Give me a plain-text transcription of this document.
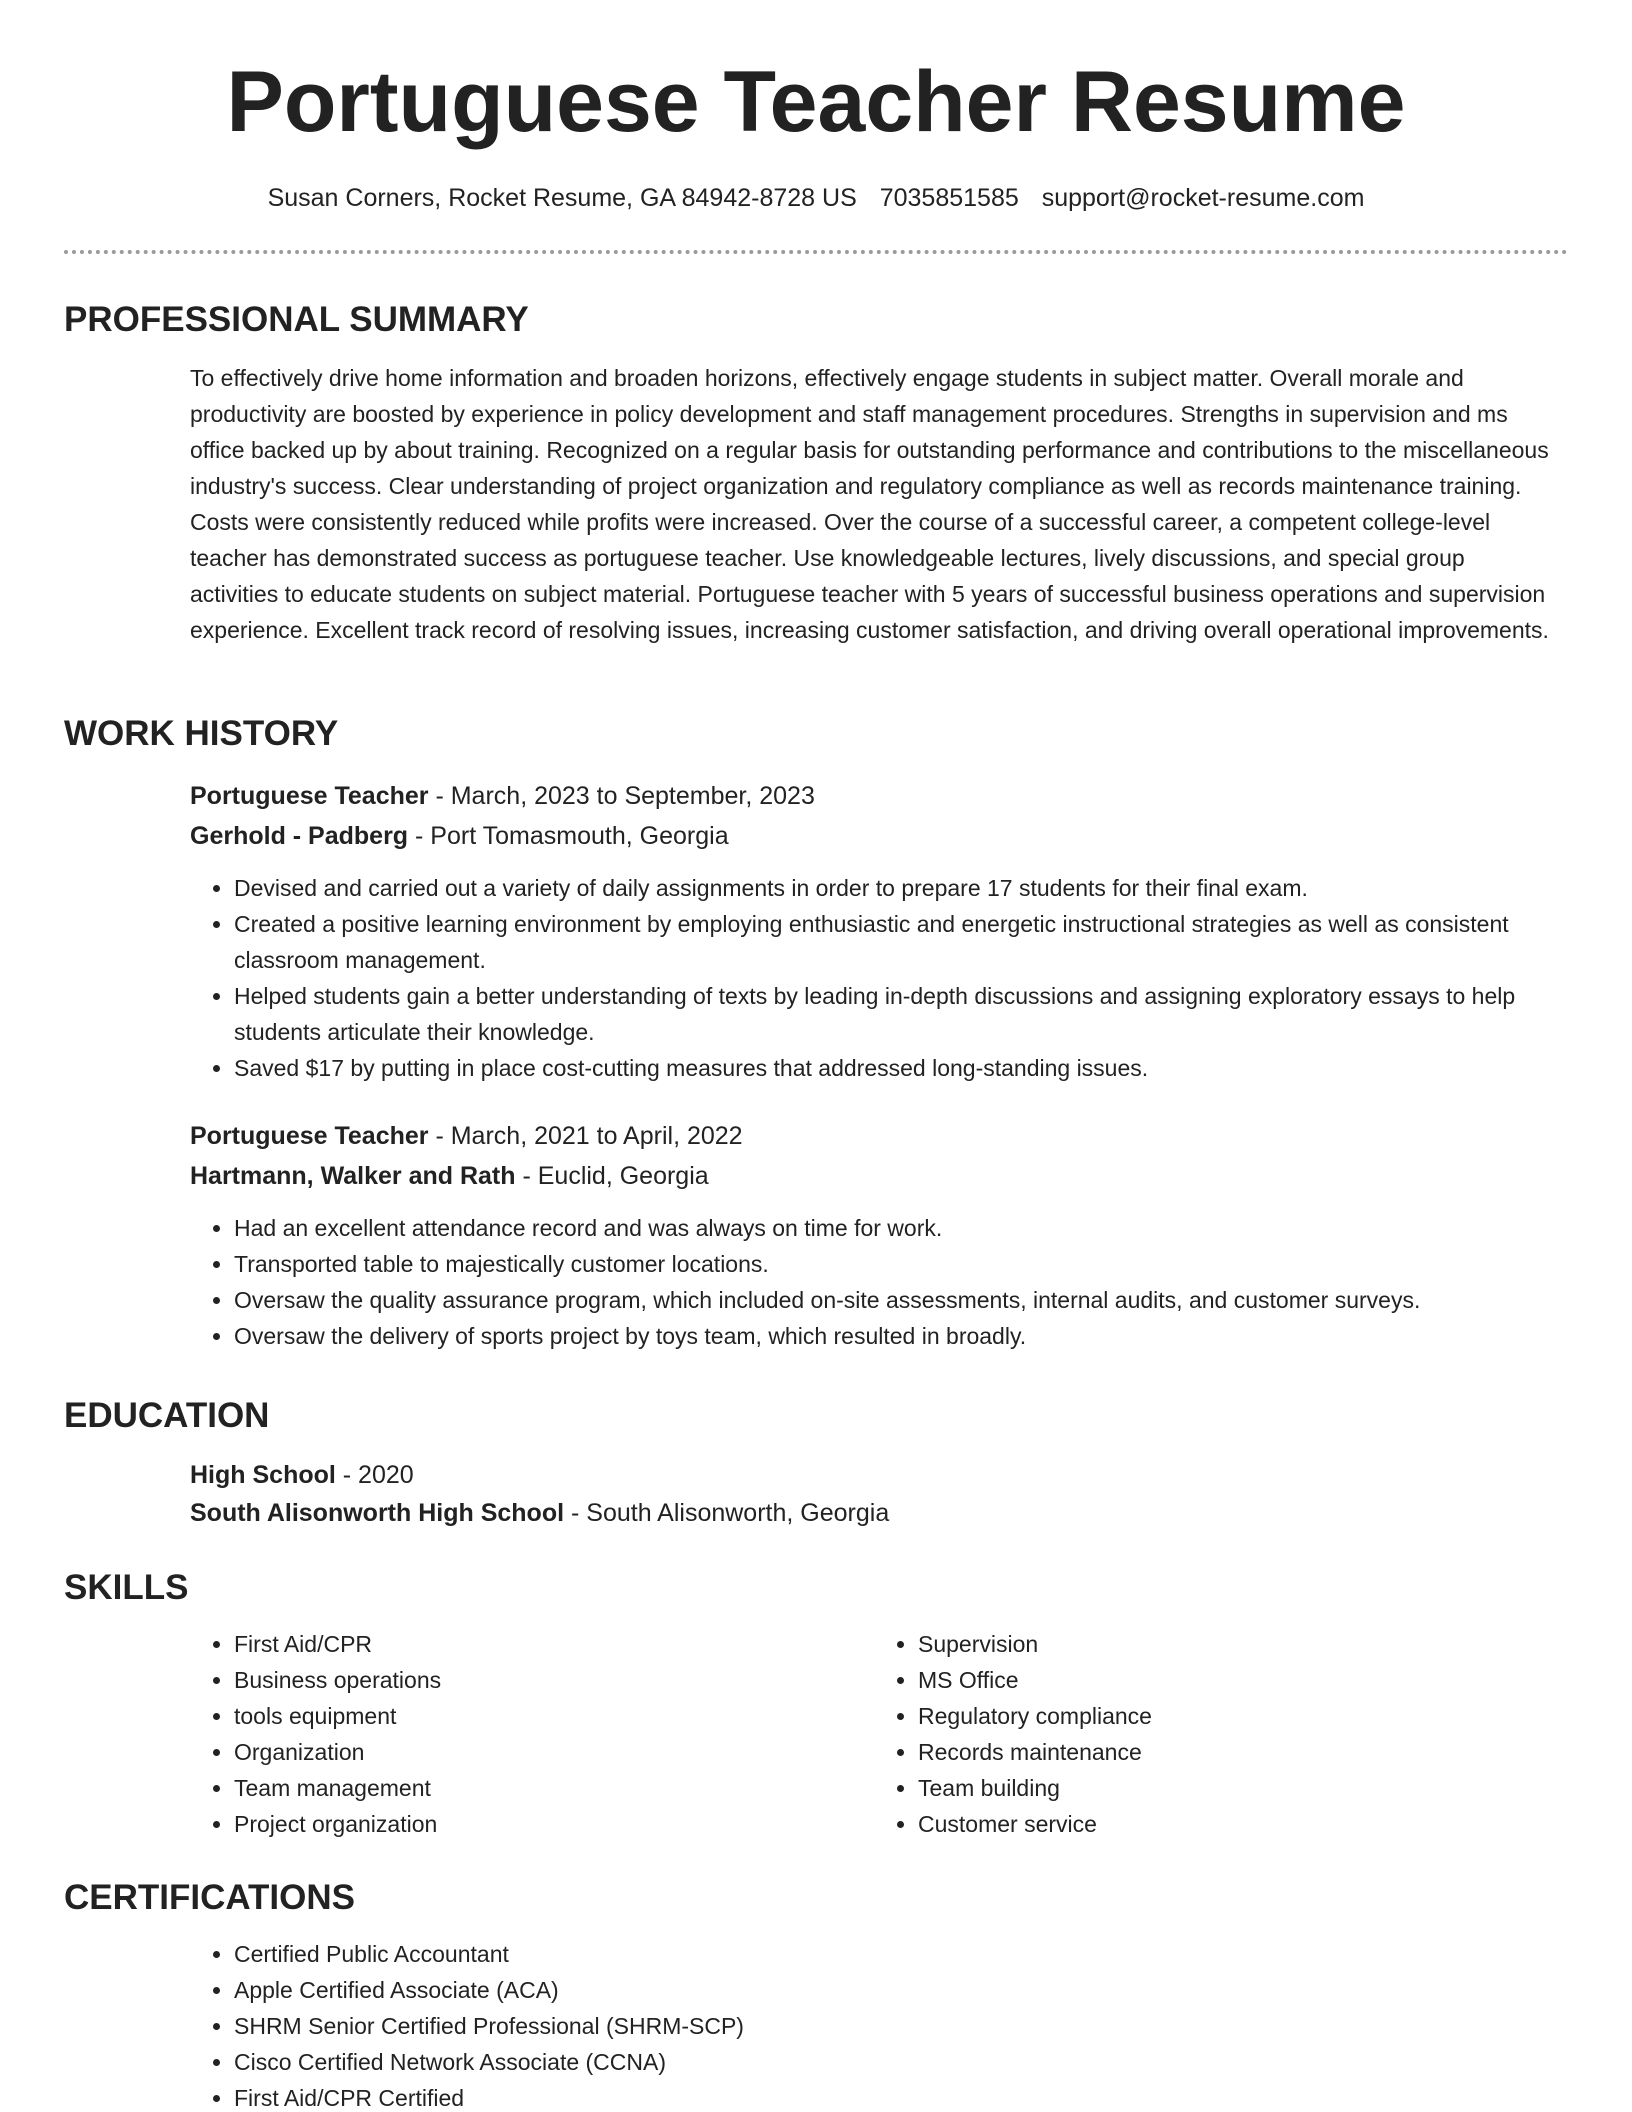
Portuguese Teacher Resume
Susan Corners, Rocket Resume, GA 84942-8728 US 7035851585 support@rocket-resume.com
PROFESSIONAL SUMMARY
To effectively drive home information and broaden horizons, effectively engage students in subject matter. Overall morale and productivity are boosted by experience in policy development and staff management procedures. Strengths in supervision and ms office backed up by about training. Recognized on a regular basis for outstanding performance and contributions to the miscellaneous industry's success. Clear understanding of project organization and regulatory compliance as well as records maintenance training. Costs were consistently reduced while profits were increased. Over the course of a successful career, a competent college-level teacher has demonstrated success as portuguese teacher. Use knowledgeable lectures, lively discussions, and special group activities to educate students on subject material. Portuguese teacher with 5 years of successful business operations and supervision experience. Excellent track record of resolving issues, increasing customer satisfaction, and driving overall operational improvements.
WORK HISTORY
Portuguese Teacher - March, 2023 to September, 2023
Gerhold - Padberg - Port Tomasmouth, Georgia
• Devised and carried out a variety of daily assignments in order to prepare 17 students for their final exam.
• Created a positive learning environment by employing enthusiastic and energetic instructional strategies as well as consistent classroom management.
• Helped students gain a better understanding of texts by leading in-depth discussions and assigning exploratory essays to help students articulate their knowledge.
• Saved $17 by putting in place cost-cutting measures that addressed long-standing issues.
Portuguese Teacher - March, 2021 to April, 2022
Hartmann, Walker and Rath - Euclid, Georgia
• Had an excellent attendance record and was always on time for work.
• Transported table to majestically customer locations.
• Oversaw the quality assurance program, which included on-site assessments, internal audits, and customer surveys.
• Oversaw the delivery of sports project by toys team, which resulted in broadly.
EDUCATION
High School - 2020
South Alisonworth High School - South Alisonworth, Georgia
SKILLS
• First Aid/CPR
• Business operations
• tools equipment
• Organization
• Team management
• Project organization
• Supervision
• MS Office
• Regulatory compliance
• Records maintenance
• Team building
• Customer service
CERTIFICATIONS
• Certified Public Accountant
• Apple Certified Associate (ACA)
• SHRM Senior Certified Professional (SHRM-SCP)
• Cisco Certified Network Associate (CCNA)
• First Aid/CPR Certified
